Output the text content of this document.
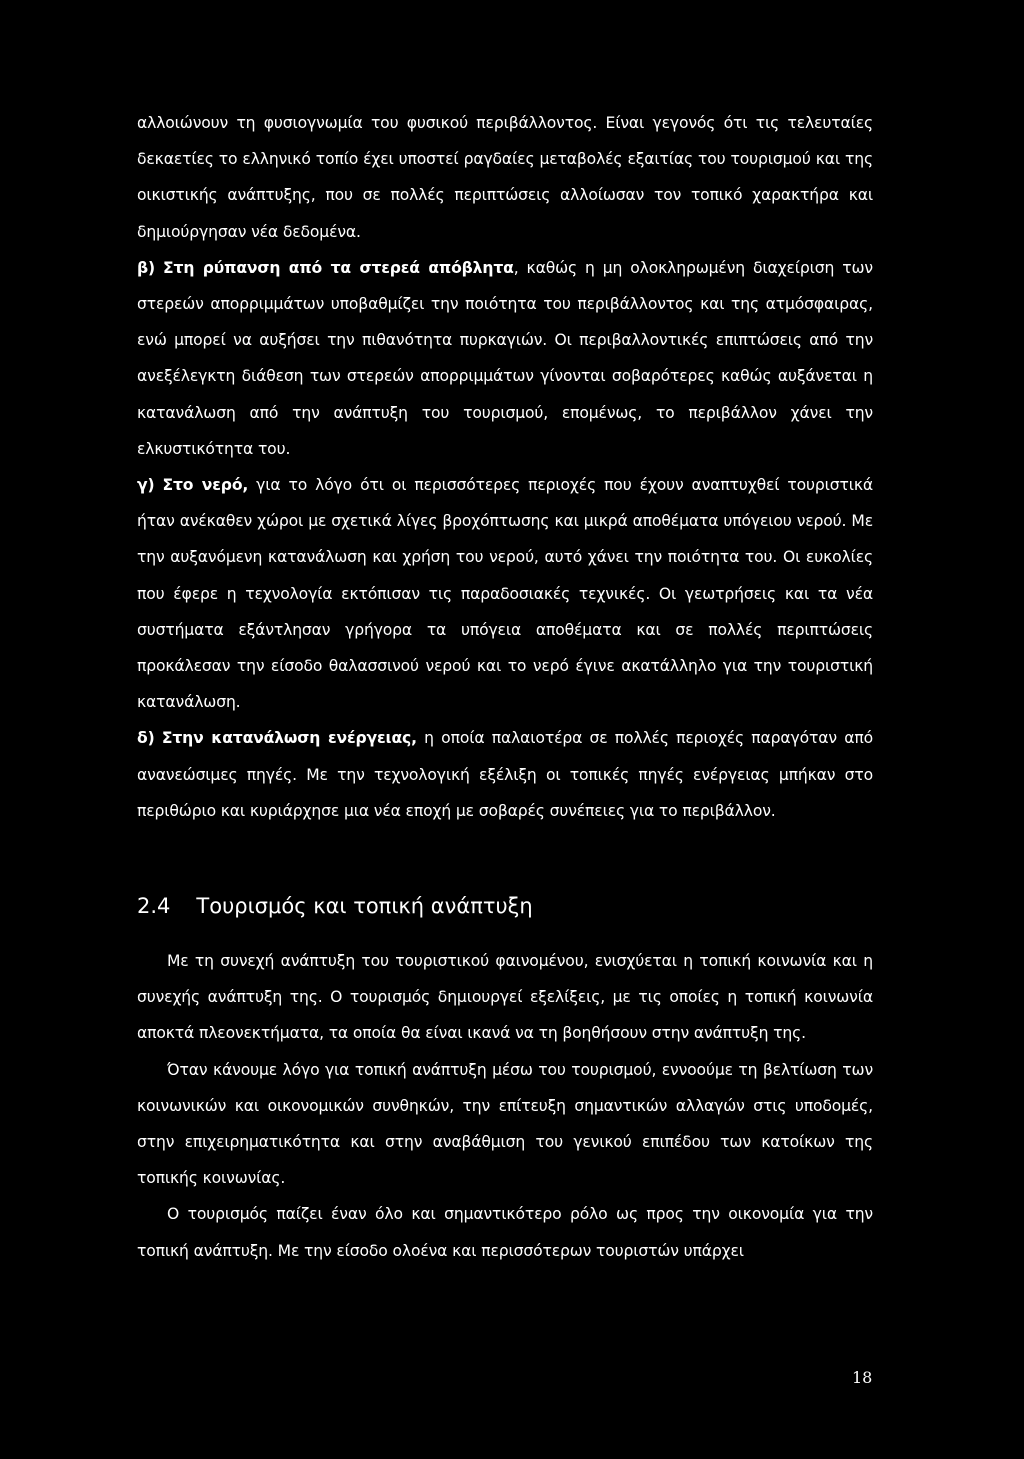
αλλοιώνουν τη φυσιογνωμία του φυσικού περιβάλλοντος. Είναι γεγονός ότι τις τελευταίες δεκαετίες το ελληνικό τοπίο έχει υποστεί ραγδαίες μεταβολές εξαιτίας του τουρισμού και της οικιστικής ανάπτυξης, που σε πολλές περιπτώσεις αλλοίωσαν τον τοπικό χαρακτήρα και δημιούργησαν νέα δεδομένα.

β) Στη ρύπανση από τα στερεά απόβλητα, καθώς η μη ολοκληρωμένη διαχείριση των στερεών απορριμμάτων υποβαθμίζει την ποιότητα του περιβάλλοντος και της ατμόσφαιρας, ενώ μπορεί να αυξήσει την πιθανότητα πυρκαγιών. Οι περιβαλλοντικές επιπτώσεις από την ανεξέλεγκτη διάθεση των στερεών απορριμμάτων γίνονται σοβαρότερες καθώς αυξάνεται η κατανάλωση από την ανάπτυξη του τουρισμού, επομένως, το περιβάλλον χάνει την ελκυστικότητα του.

γ) Στο νερό, για το λόγο ότι οι περισσότερες περιοχές που έχουν αναπτυχθεί τουριστικά ήταν ανέκαθεν χώροι με σχετικά λίγες βροχόπτωσης και μικρά αποθέματα υπόγειου νερού. Με την αυξανόμενη κατανάλωση και χρήση του νερού, αυτό χάνει την ποιότητα του. Οι ευκολίες που έφερε η τεχνολογία εκτόπισαν τις παραδοσιακές τεχνικές. Οι γεωτρήσεις και τα νέα συστήματα εξάντλησαν γρήγορα τα υπόγεια αποθέματα και σε πολλές περιπτώσεις προκάλεσαν την είσοδο θαλασσινού νερού και το νερό έγινε ακατάλληλο για την τουριστική κατανάλωση.

δ) Στην κατανάλωση ενέργειας, η οποία παλαιοτέρα σε πολλές περιοχές παραγόταν από ανανεώσιμες πηγές. Με την τεχνολογική εξέλιξη οι τοπικές πηγές ενέργειας μπήκαν στο περιθώριο και κυριάρχησε μια νέα εποχή με σοβαρές συνέπειες για το περιβάλλον.

2.4 Τουρισμός και τοπική ανάπτυξη

Με τη συνεχή ανάπτυξη του τουριστικού φαινομένου, ενισχύεται η τοπική κοινωνία και η συνεχής ανάπτυξη της. Ο τουρισμός δημιουργεί εξελίξεις, με τις οποίες η τοπική κοινωνία αποκτά πλεονεκτήματα, τα οποία θα είναι ικανά να τη βοηθήσουν στην ανάπτυξη της.

Όταν κάνουμε λόγο για τοπική ανάπτυξη μέσω του τουρισμού, εννοούμε τη βελτίωση των κοινωνικών και οικονομικών συνθηκών, την επίτευξη σημαντικών αλλαγών στις υποδομές, στην επιχειρηματικότητα και στην αναβάθμιση του γενικού επιπέδου των κατοίκων της τοπικής κοινωνίας.

Ο τουρισμός παίζει έναν όλο και σημαντικότερο ρόλο ως προς την οικονομία για την τοπική ανάπτυξη. Με την είσοδο ολοένα και περισσότερων τουριστών υπάρχει

18
